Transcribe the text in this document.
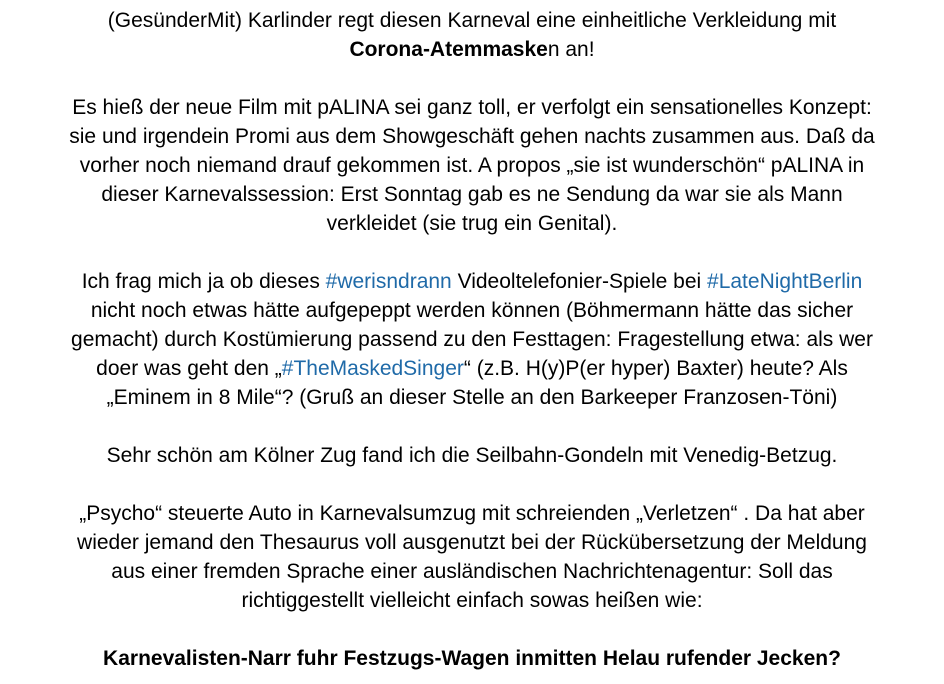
(GesünderMit) Karlinder regt diesen Karneval eine einheitliche Verkleidung mit
Corona-Atemmasken an!

Es hieß der neue Film mit pALINA sei ganz toll, er verfolgt ein sensationelles Konzept:
sie und irgendein Promi aus dem Showgeschäft gehen nachts zusammen aus. Daß da
vorher noch niemand drauf gekommen ist. A propos „sie ist wunderschön“ pALINA in
dieser Karnevalssession: Erst Sonntag gab es ne Sendung da war sie als Mann
verkleidet (sie trug ein Genital).

Ich frag mich ja ob dieses #werisndrann Videoltelefonier-Spiele bei #LateNightBerlin
nicht noch etwas hätte aufgepeppt werden können (Böhmermann hätte das sicher
gemacht) durch Kostümierung passend zu den Festtagen: Fragestellung etwa: als wer
doer was geht den „#TheMaskedSinger“ (z.B. H(y)P(er hyper) Baxter) heute? Als
„Eminem in 8 Mile“? (Gruß an dieser Stelle an den Barkeeper Franzosen-Töni)

Sehr schön am Kölner Zug fand ich die Seilbahn-Gondeln mit Venedig-Betzug.

„Psycho“ steuerte Auto in Karnevalsumzug mit schreienden „Verletzen“ . Da hat aber
wieder jemand den Thesaurus voll ausgenutzt bei der Rückübersetzung der Meldung
aus einer fremden Sprache einer ausländischen Nachrichtenagentur: Soll das
richtiggestellt vielleicht einfach sowas heißen wie:

Karnevalisten-Narr fuhr Festzugs-Wagen inmitten Helau rufender Jecken?
